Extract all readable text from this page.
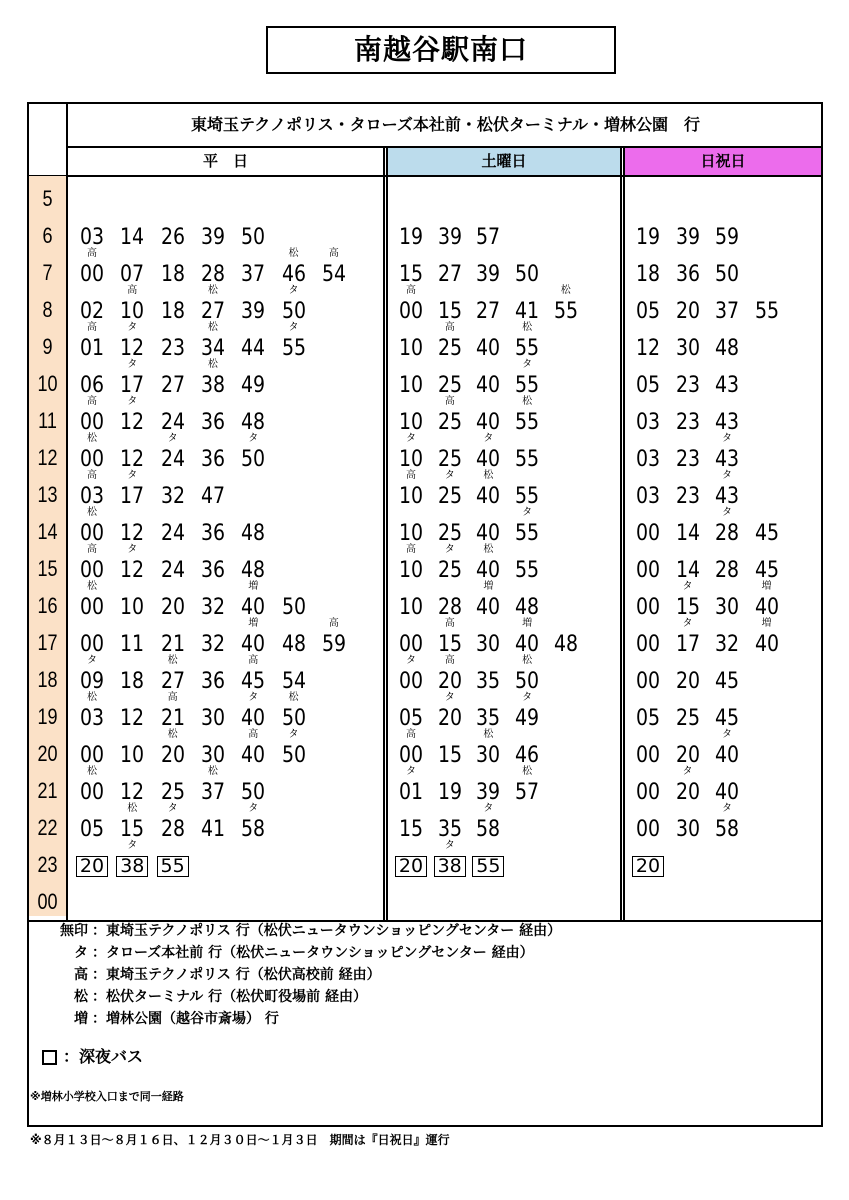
南越谷駅南口
東埼玉テクノポリス・タローズ本社前・松伏ターミナル・増林公園　行
平　日	土曜日	日祝日
5
6
7
8
9
10
11
12
13
14
15
16
17
18
19
20
21
22
23
00
03 14 26 39 50
高
00 07 18 28 37
松
46
高
54
02
高
10 18
松
27 39
タ
50
高
01
タ
12 23
松
34 44
タ
55
06
タ
17 27
松
38 49
高
00
タ
12 24 36 48
松
00 12
タ
24 36
タ
50
高
03
タ
17 32 47
松
00 12 24 36 48
高
00
タ
12 24 36 48
松
00 10 20 32
増
40 50
00 11 21 32
増
40 48
高
59
タ
09 18
松
27 36
高
45 54
松
03 12
高
21 30
タ
40
松
50
00 10
松
20 30
高
40
タ
50
松
00 12 25
松
37 50
05
松
15
タ
28 41
タ
58
20
タ
38 55
19 39 57
15 27 39 50
高
00 15 27 41
松
55
10
高
25 40
松
55
10 25 40
タ
55
10
高
25 40
松
55
タ
10 25
タ
40 55
高
10
タ
25
松
40 55
10 25 40
タ
55
高
10
タ
25
松
40 55
10 28
増
40 48
00
高
15 30
増
40 48
タ
00
高
20 35
松
50
05
タ
20 35
タ
49
高
00 15
松
30 46
タ
01 19 39
松
57
15 35
タ
58
20
タ
38 55
19 39 59
18 36 50
05 20 37 55
12 30 48
05 23 43
03 23 43
03 23
タ
43
03 23
タ
43
00 14
タ
28 45
00 14 28 45
00
タ
15 30
増
40
00
タ
17 32
増
40
00 20 45
05 25 45
00 20
タ
40
00
タ
20 40
00 30
タ
58
20
無印 ：東埼玉テクノポリス 行（松伏ニュータウンショッピングセンター 経由）
タ ：タローズ本社前 行（松伏ニュータウンショッピングセンター 経由）
高 ：東埼玉テクノポリス 行（松伏高校前 経由）
松 ：松伏ターミナル 行（松伏町役場前 経由）
増 ：増林公園（越谷市斎場） 行
：深夜バス
※増林小学校入口まで同一経路
※８月１３日～８月１６日、１２月３０日～１月３日　期間は『日祝日』運行
